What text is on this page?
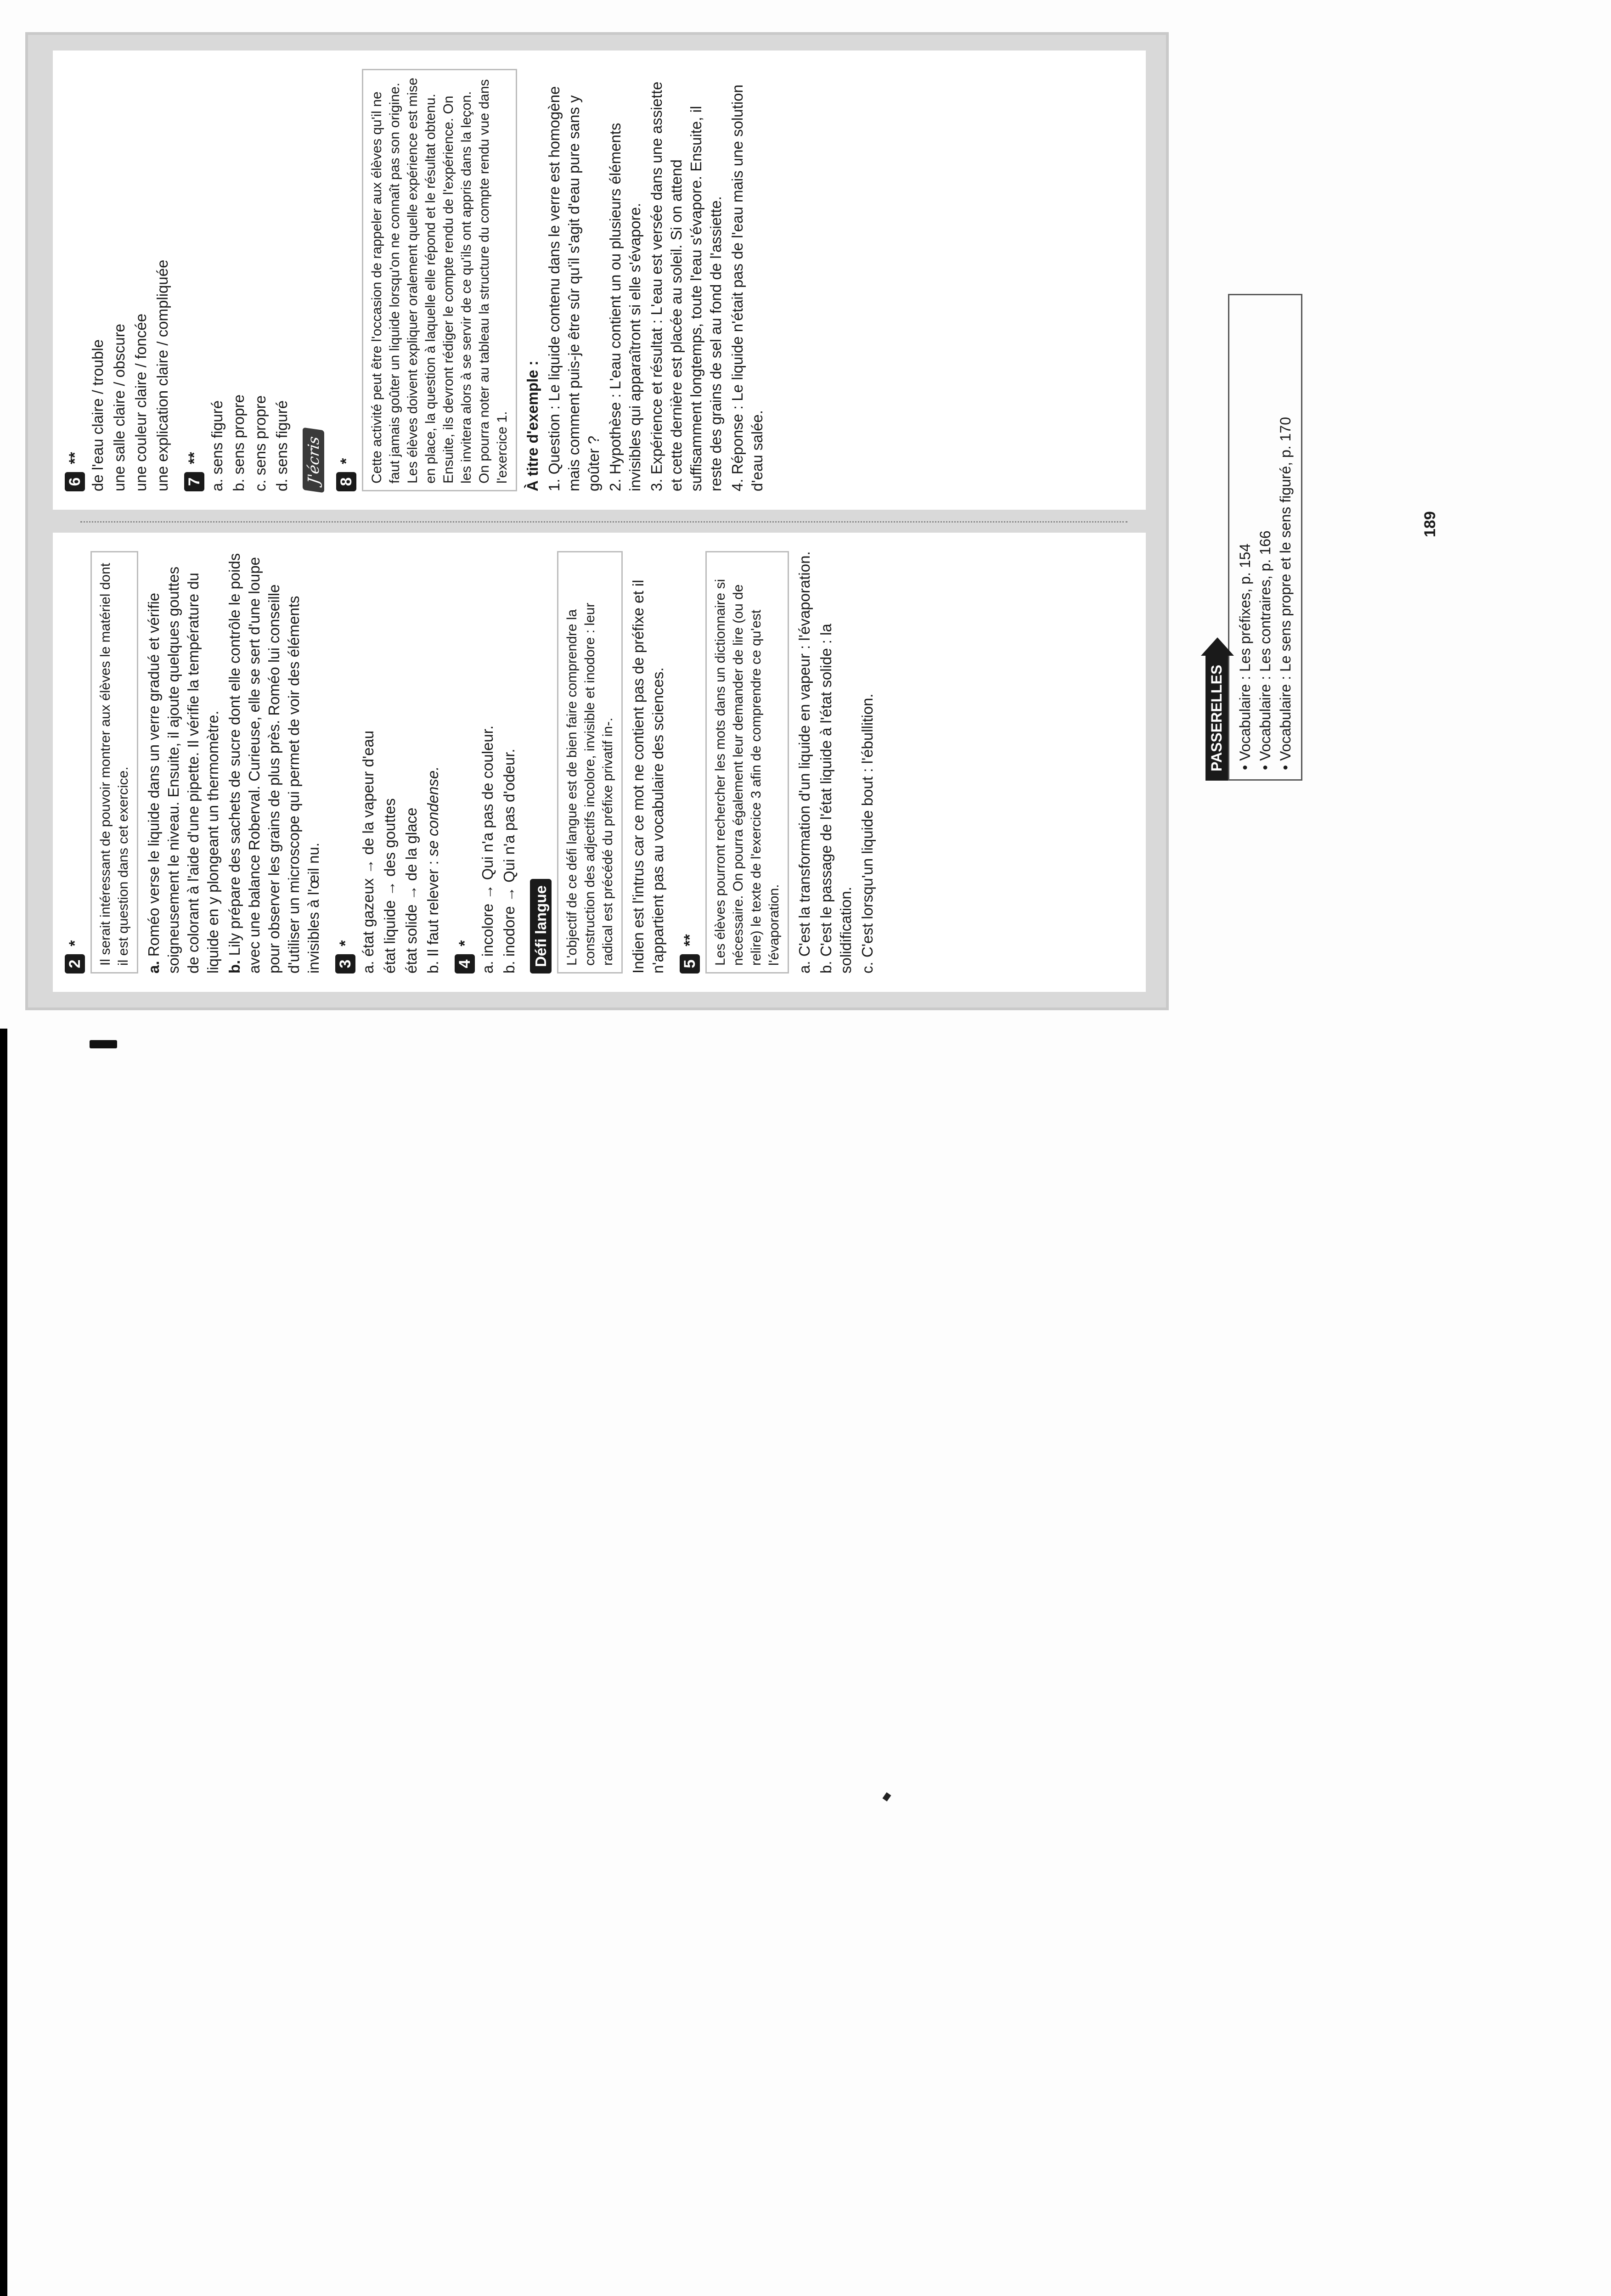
2 *	Il serait intéressant de pouvoir montrer aux élèves le matériel dont il est question dans cet exercice.

a. Roméo verse le liquide dans un verre gradué et vérifie soigneusement le niveau. Ensuite, il ajoute quelques gouttes de colorant à l'aide d'une pipette. Il vérifie la température du liquide en y plongeant un thermomètre. b. Lily prépare des sachets de sucre dont elle contrôle le poids avec une balance Roberval. Curieuse, elle se sert d'une loupe pour observer les grains de plus près. Roméo lui conseille d'utiliser un microscope qui permet de voir des éléments invisibles à l'œil nu. 3 * a. état gazeux → de la vapeur d'eau état liquide → des gouttes état solide → de la glace b. Il faut relever : se condense.

4 * a. incolore → Qui n'a pas de couleur. b. inodore → Qui n'a pas d'odeur. Défi langue	L'objectif de ce défi langue est de bien faire comprendre la construction des adjectifs incolore, invisible et inodore : leur radical est précédé du préfixe privatif in-. Indien est l'intrus car ce mot ne contient pas de préfixe et il n'appartient pas au vocabulaire des sciences. 5 **	Les élèves pourront rechercher les mots dans un dictionnaire si nécessaire. On pourra également leur demander de lire (ou de relire) le texte de l'exercice 3 afin de comprendre ce qu'est l'évaporation. a. C'est la transformation d'un liquide en vapeur : l'évaporation. b. C'est le passage de l'état liquide à l'état solide : la solidification. c. C'est lorsqu'un liquide bout : l'ébullition.

6 ** de l'eau claire / trouble une salle claire / obscure une couleur claire / foncée une explication claire / compliquée 7 ** a. sens figuré b. sens propre c. sens propre d. sens figuré J'écris 8 *	Cette activité peut être l'occasion de rappeler aux élèves qu'il ne faut jamais goûter un liquide lorsqu'on ne connaît pas son origine. Les élèves doivent expliquer oralement quelle expérience est mise en place, la question à laquelle elle répond et le résultat obtenu. Ensuite, ils devront rédiger le compte rendu de l'expérience. On les invitera alors à se servir de ce qu'ils ont appris dans la leçon. On pourra noter au tableau la structure du compte rendu vue dans l'exercice 1. À titre d'exemple : 1. Question : Le liquide contenu dans le verre est homogène mais comment puis-je être sûr qu'il s'agit d'eau pure sans y goûter ? 2. Hypothèse : L'eau contient un ou plusieurs éléments invisibles qui apparaîtront si elle s'évapore. 3. Expérience et résultat : L'eau est versée dans une assiette et cette dernière est placée au soleil. Si on attend suffisamment longtemps, toute l'eau s'évapore. Ensuite, il reste des grains de sel au fond de l'assiette. 4. Réponse : Le liquide n'était pas de l'eau mais une solution d'eau salée.

PASSERELLES • Vocabulaire : Les préfixes, p. 154 • Vocabulaire : Les contraires, p. 166 • Vocabulaire : Le sens propre et le sens figuré, p. 170	189
